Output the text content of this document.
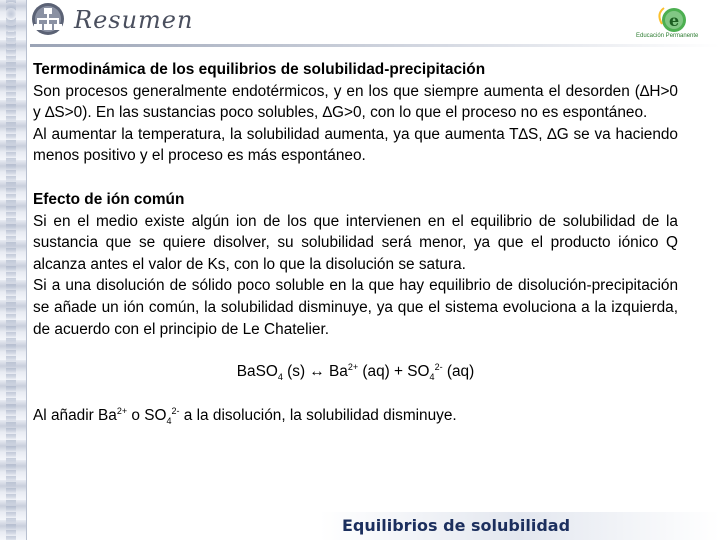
Resumen	e
Educación Permanente

Termodinámica de los equilibrios de solubilidad-precipitación

Son procesos generalmente endotérmicos, y en los que siempre aumenta el desorden (∆H>0 y ∆S>0). En las sustancias poco solubles, ∆G>0, con lo que el proceso no es espontáneo.

Al aumentar la temperatura, la solubilidad aumenta, ya que aumenta T∆S, ∆G se va haciendo menos positivo y el proceso es más espontáneo.

Efecto de ión común

Si en el medio existe algún ion de los que intervienen en el equilibrio de solubilidad de la sustancia que se quiere disolver, su solubilidad será menor, ya que el producto iónico Q alcanza antes el valor de Ks, con lo que la disolución se satura.

Si a una disolución de sólido poco soluble en la que hay equilibrio de disolución-precipitación se añade un ión común, la solubilidad disminuye, ya que el sistema evoluciona a la izquierda, de acuerdo con el principio de Le Chatelier.

BaSO$_4$ (s) ↔ $Ba^{2+}$ $(aq) + SO_4^{2-}$ (aq)

Al añadir $Ba^{2+}$ o $SO_4^{2-}$ a la disolución, la solubilidad disminuye.

Equilibrios de solubilidad
